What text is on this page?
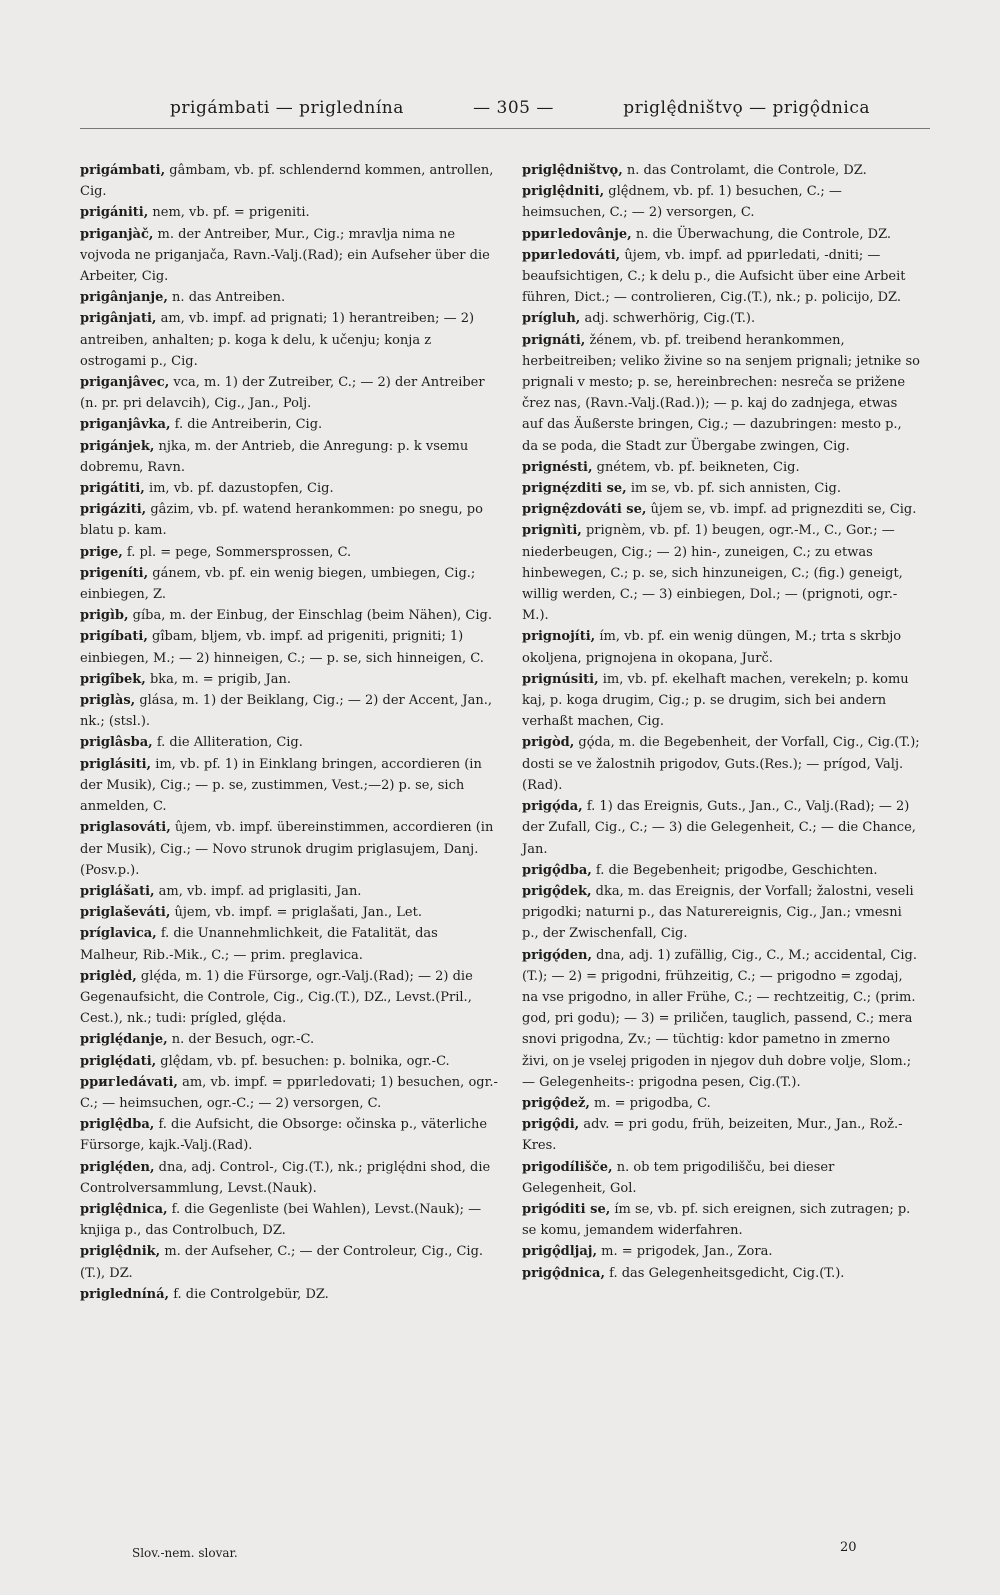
prigámbati — priglednína	— 305 —	priglę̂dništvǫ — prigǫ̂dnica

prigámbati, gâmbam, vb. pf. schlendernd kommen, antrollen, Cig.

prigániti, nem, vb. pf. = prigeniti.

priganjàč, m. der Antreiber, Mur., Cig.; mravlja nima ne vojvoda ne priganjača, Ravn.-Valj.(Rad); ein Aufseher über die Arbeiter, Cig.

prigânjanje, n. das Antreiben.

prigânjati, am, vb. impf. ad prignati; 1) herantreiben; — 2) antreiben, anhalten; p. koga k delu, k učenju; konja z ostrogami p., Cig.

priganjâvec, vca, m. 1) der Zutreiber, C.; — 2) der Antreiber (n. pr. pri delavcih), Cig., Jan., Polj.

priganjâvka, f. die Antreiberin, Cig.

prigánjek, njka, m. der Antrieb, die Anregung: p. k vsemu dobremu, Ravn.

prigátiti, im, vb. pf. dazustopfen, Cig.

prigáziti, gâzim, vb. pf. watend herankommen: po snegu, po blatu p. kam.

prige, f. pl. = pege, Sommersprossen, C.

prigeníti, gánem, vb. pf. ein wenig biegen, umbiegen, Cig.; einbiegen, Z.

prigìb, gíba, m. der Einbug, der Einschlag (beim Nähen), Cig.

prigíbati, gîbam, bljem, vb. impf. ad prigeniti, prigniti; 1) einbiegen, M.; — 2) hinneigen, C.; — p. se, sich hinneigen, C.

prigîbek, bka, m. = prigib, Jan.

priglàs, glása, m. 1) der Beiklang, Cig.; — 2) der Accent, Jan., nk.; (stsl.).

priglâsba, f. die Alliteration, Cig.

priglásiti, im, vb. pf. 1) in Einklang bringen, accordieren (in der Musik), Cig.; — p. se, zustimmen, Vest.;—2) p. se, sich anmelden, C.

priglasováti, ûjem, vb. impf. übereinstimmen, accordieren (in der Musik), Cig.; — Novo strunok drugim priglasujem, Danj.(Posv.p.).

priglášati, am, vb. impf. ad priglasiti, Jan.

priglaševáti, ûjem, vb. impf. = priglašati, Jan., Let.

príglavica, f. die Unannehmlichkeit, die Fatalität, das Malheur, Rib.-Mik., C.; — prim. preglavica.

prigle̍d, glę́da, m. 1) die Fürsorge, ogr.-Valj.(Rad); — 2) die Gegenaufsicht, die Controle, Cig., Cig.(T.), DZ., Levst.(Pril., Cest.), nk.; tudi: prígled, glę́da.

priglę́danje, n. der Besuch, ogr.-C.

priglę́dati, glę̂dam, vb. pf. besuchen: p. bolnika, ogr.-C.

pригledávati, am, vb. impf. = pригledovati; 1) besuchen, ogr.-C.; — heimsuchen, ogr.-C.; — 2) versorgen, C.

priglę̂dba, f. die Aufsicht, die Obsorge: očinska p., väterliche Fürsorge, kajk.-Valj.(Rad).

priglę́den, dna, adj. Control-, Cig.(T.), nk.; priglę́dni shod, die Controlversammlung, Levst.(Nauk).

priglę̂dnica, f. die Gegenliste (bei Wahlen), Levst.(Nauk); — knjiga p., das Controlbuch, DZ.

priglę̂dnik, m. der Aufseher, C.; — der Controleur, Cig., Cig.(T.), DZ.

prigledníná, f. die Controlgebür, DZ.

priglę̂dništvǫ, n. das Controlamt, die Controle, DZ.

priglę̂dniti, glę̂dnem, vb. pf. 1) besuchen, C.; — heimsuchen, C.; — 2) versorgen, C.

pригledovânje, n. die Überwachung, die Controle, DZ.

pригledováti, ûjem, vb. impf. ad pригledati, -dniti; — beaufsichtigen, C.; k delu p., die Aufsicht über eine Arbeit führen, Dict.; — controlieren, Cig.(T.), nk.; p. policijo, DZ.

prígluh, adj. schwerhörig, Cig.(T.).

prignáti, žénem, vb. pf. treibend herankommen, herbeitreiben; veliko živine so na senjem prignali; jetnike so prignali v mesto; p. se, hereinbrechen: nesreča se prižene črez nas, (Ravn.-Valj.(Rad.)); — p. kaj do zadnjega, etwas auf das Äußerste bringen, Cig.; — dazubringen: mesto p., da se poda, die Stadt zur Übergabe zwingen, Cig.

prignésti, gnétem, vb. pf. beikneten, Cig.

prignę́zditi se, im se, vb. pf. sich annisten, Cig.

prignę̂zdováti se, ûjem se, vb. impf. ad prignezditi se, Cig.

prignìti, prignèm, vb. pf. 1) beugen, ogr.-M., C., Gor.; — niederbeugen, Cig.; — 2) hin-, zuneigen, C.; zu etwas hinbewegen, C.; p. se, sich hinzuneigen, C.; (fig.) geneigt, willig werden, C.; — 3) einbiegen, Dol.; — (prignoti, ogr.-M.).

prignojíti, ím, vb. pf. ein wenig düngen, M.; trta s skrbjo okoljena, prignojena in okopana, Jurč.

prignúsiti, im, vb. pf. ekelhaft machen, verekeln; p. komu kaj, p. koga drugim, Cig.; p. se drugim, sich bei andern verhaßt machen, Cig.

prigòd, gǫ́da, m. die Begebenheit, der Vorfall, Cig., Cig.(T.); dosti se ve žalostnih prigodov, Guts.(Res.); — prígod, Valj.(Rad).

prigǫ́da, f. 1) das Ereignis, Guts., Jan., C., Valj.(Rad); — 2) der Zufall, Cig., C.; — 3) die Gelegenheit, C.; — die Chance, Jan.

prigǫ̂dba, f. die Begebenheit; prigodbe, Geschichten.

prigǫ̂dek, dka, m. das Ereignis, der Vorfall; žalostni, veseli prigodki; naturni p., das Naturereignis, Cig., Jan.; vmesni p., der Zwischenfall, Cig.

prigǫ́den, dna, adj. 1) zufällig, Cig., C., M.; accidental, Cig.(T.); — 2) = prigodni, frühzeitig, C.; — prigodno = zgodaj, na vse prigodno, in aller Frühe, C.; — rechtzeitig, C.; (prim. god, pri godu); — 3) = priličen, tauglich, passend, C.; mera snovi prigodna, Zv.; — tüchtig: kdor pametno in zmerno živi, on je vselej prigoden in njegov duh dobre volje, Slom.; — Gelegenheits-: prigodna pesen, Cig.(T.).

prigǫ̂dež, m. = prigodba, C.

prigǫ̂di, adv. = pri godu, früh, beizeiten, Mur., Jan., Rož.-Kres.

prigodílišče, n. ob tem prigodilišču, bei dieser Gelegenheit, Gol.

prigóditi se, ím se, vb. pf. sich ereignen, sich zutragen; p. se komu, jemandem widerfahren.

prigǫ̂dljaj, m. = prigodek, Jan., Zora.

prigǫ̂dnica, f. das Gelegenheitsgedicht, Cig.(T.).

Slov.-nem. slovar.	20
